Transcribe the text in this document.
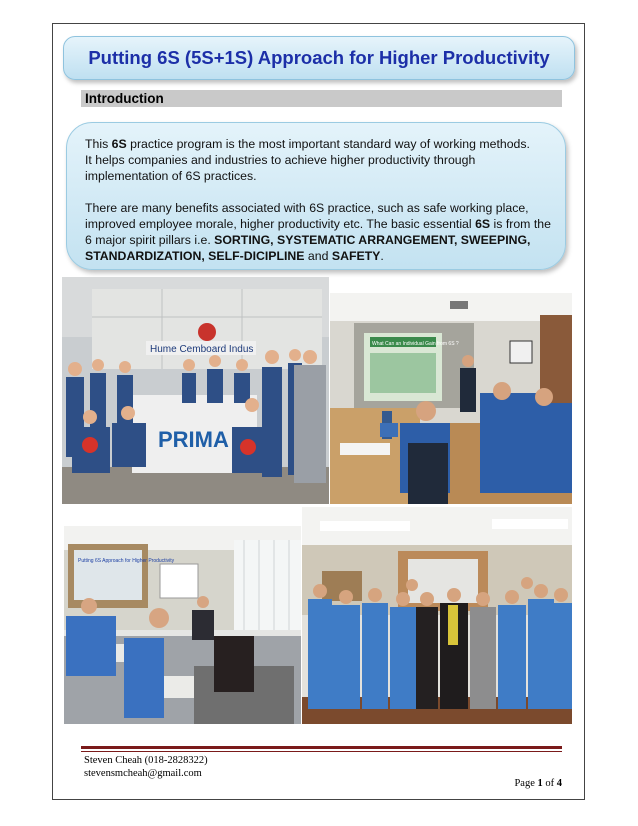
Putting 6S (5S+1S) Approach for Higher Productivity
Introduction

This 6S practice program is the most important standard way of working methods.
It helps companies and industries to achieve higher productivity through implementation of 6S practices.

There are many benefits associated with 6S practice, such as safe working place, improved employee morale, higher productivity etc. The basic essential 6S is from the 6 major spirit pillars i.e. SORTING, SYSTEMATIC ARRANGEMENT, SWEEPING, STANDARDIZATION, SELF-DICIPLINE and SAFETY.

Hume Cemboard Indus
PRIMA
What Can an Individual Gain from 6S ?
Putting 6S Approach for Higher Productivity
Steven Cheah (018-2828322)
stevensmcheah@gmail.com
Page 1 of 4
